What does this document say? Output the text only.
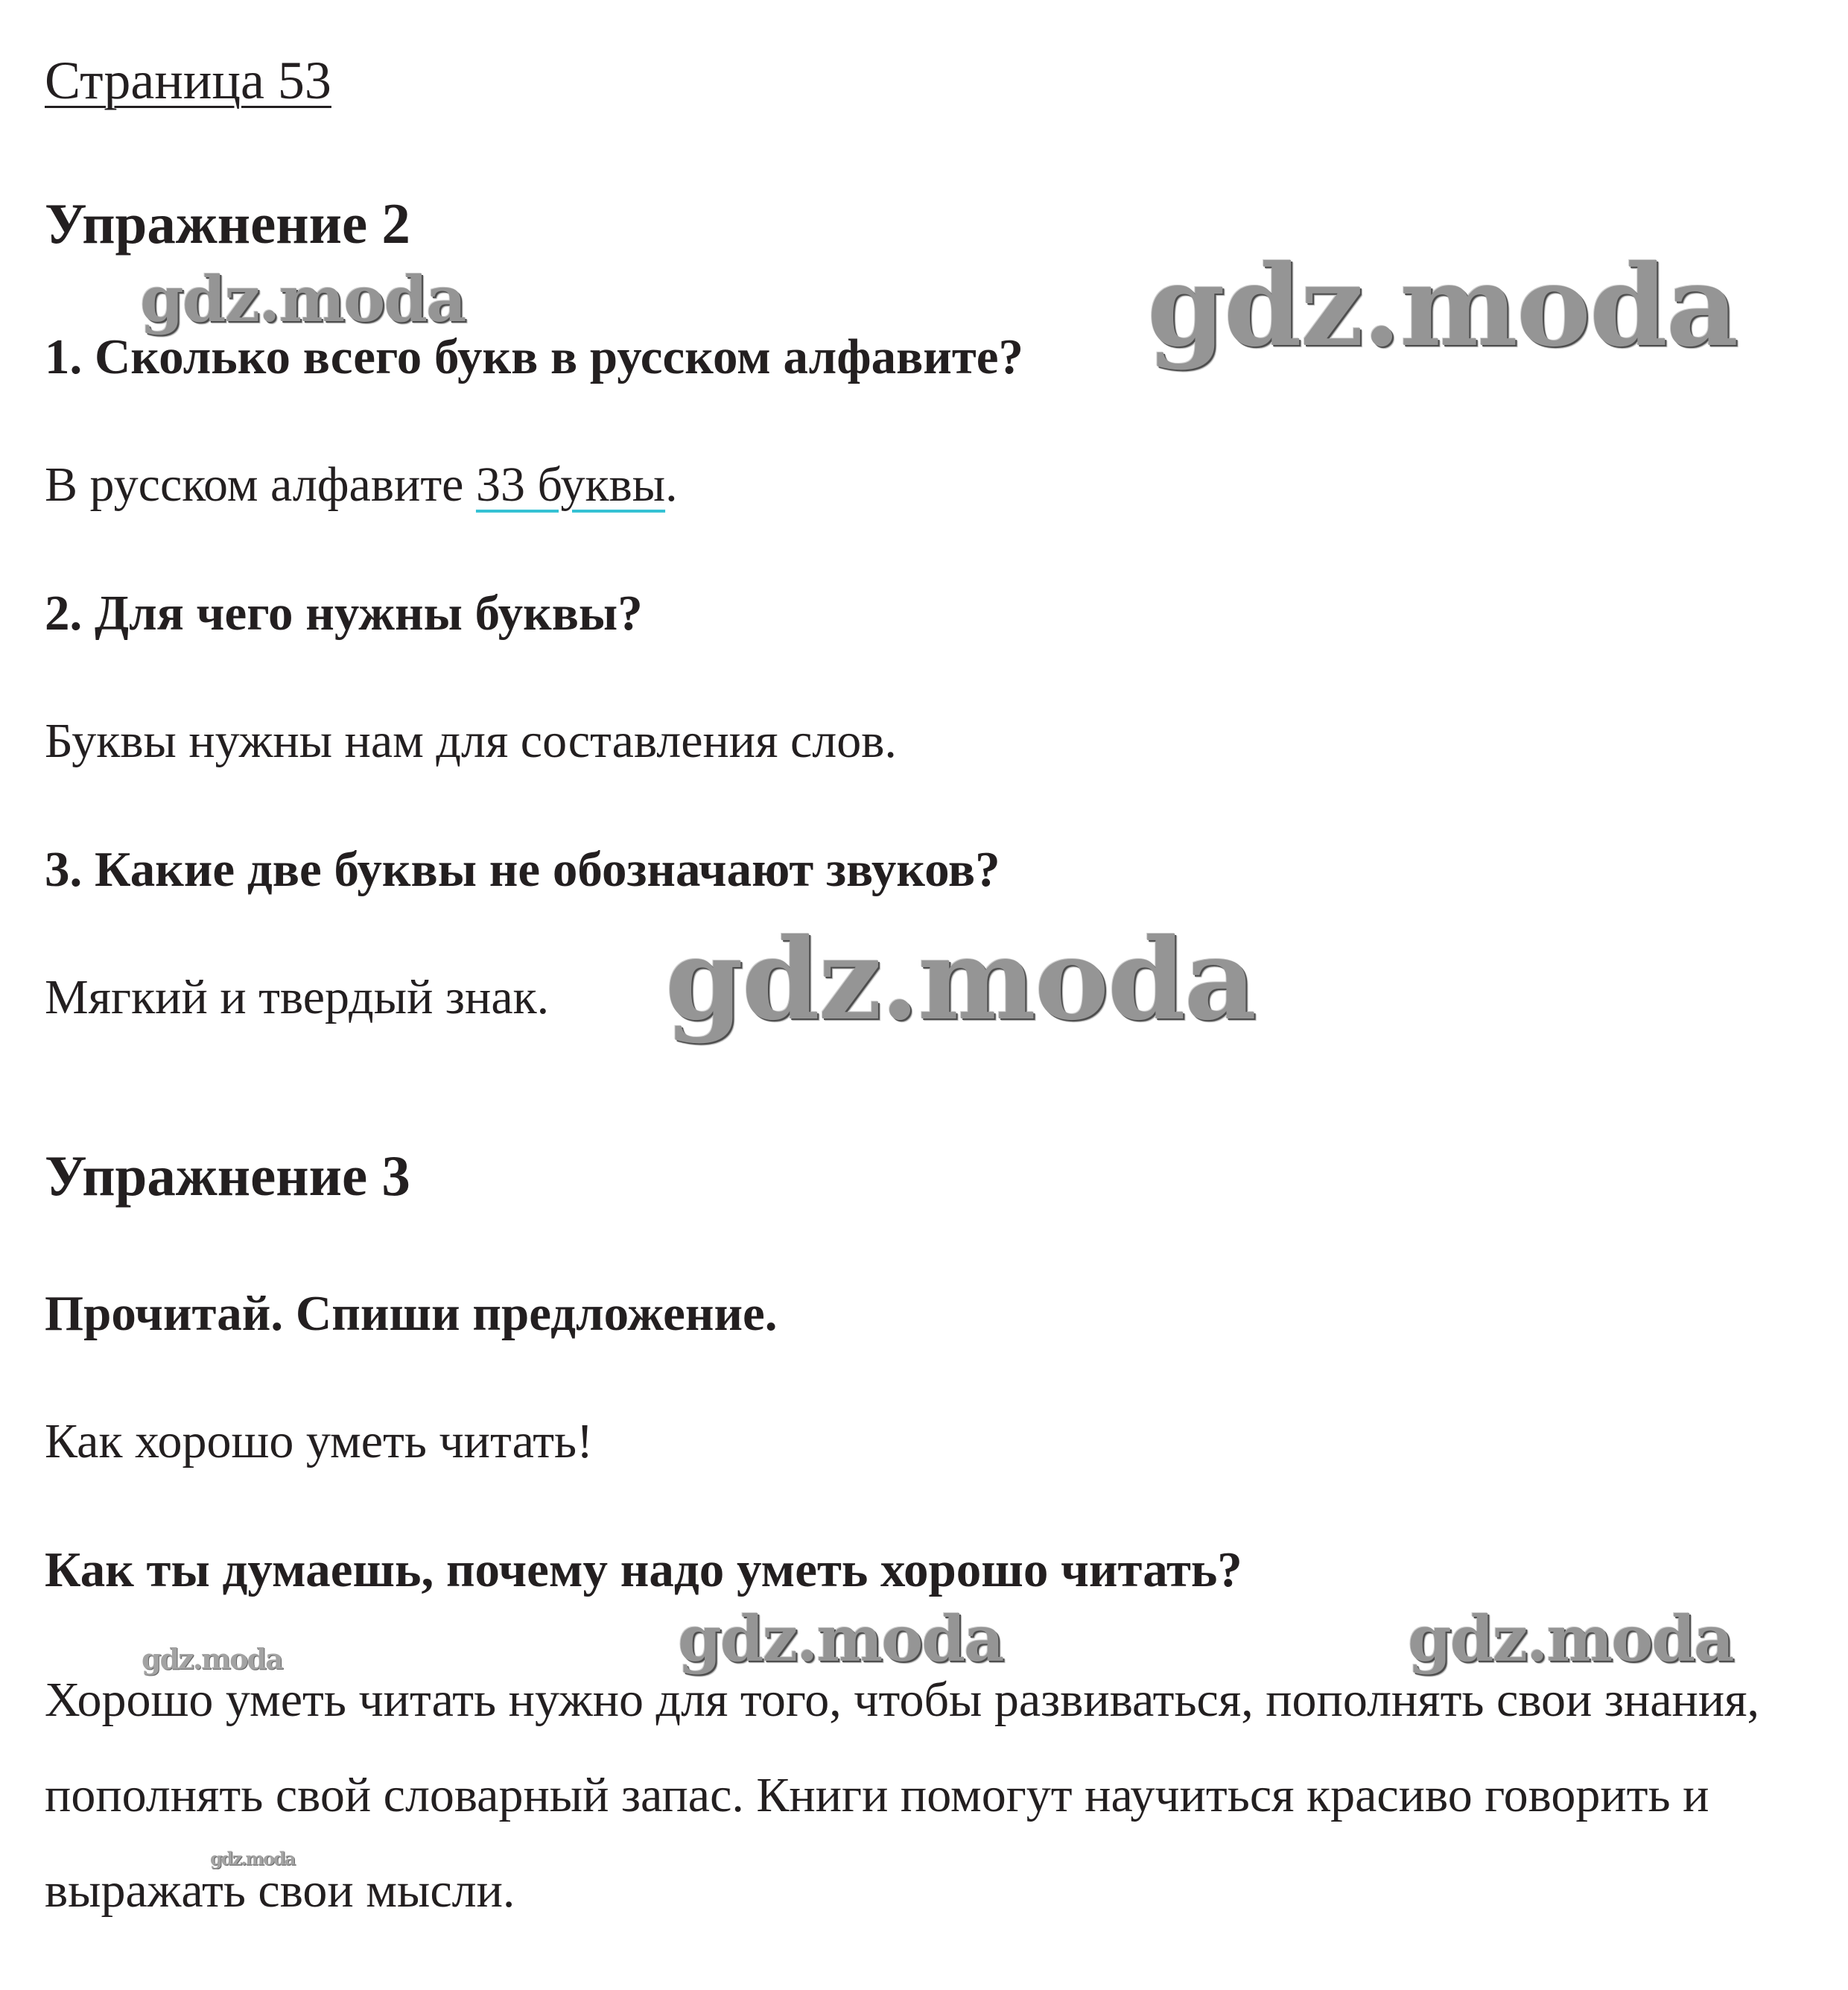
Страница 53

Упражнение 2

1. Сколько всего букв в русском алфавите?

В русском алфавите 33 буквы.

2. Для чего нужны буквы?

Буквы нужны нам для составления слов.

3. Какие две буквы не обозначают звуков?

Мягкий и твердый знак.

Упражнение 3

Прочитай. Спиши предложение.

Как хорошо уметь читать!

Как ты думаешь, почему надо уметь хорошо читать?

Хорошо уметь читать нужно для того, чтобы развиваться, пополнять свои знания, пополнять свой словарный запас. Книги помогут научиться красиво говорить и выражать свои мысли.

gdz.moda	gdz.moda
gdz.moda
gdz.moda	gdz.moda
gdz.moda
gdz.moda
